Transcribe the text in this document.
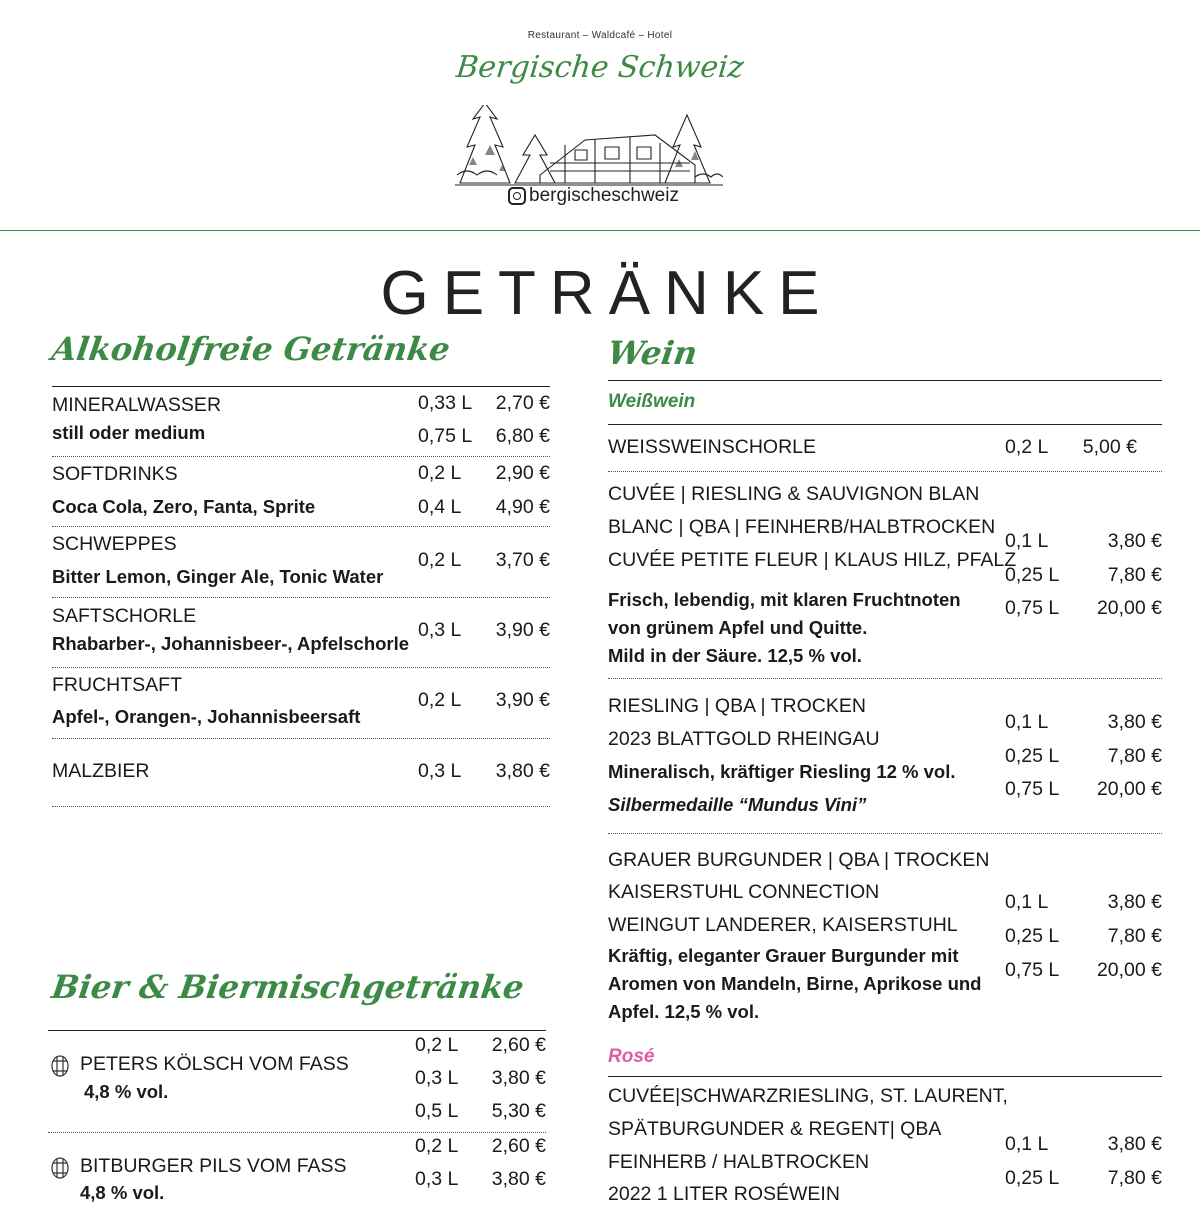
Restaurant – Waldcafé – Hotel
Bergische Schweiz
bergischeschweiz
GETRÄNKE
Alkoholfreie Getränke
MINERALWASSER
still oder medium
0,33 L	2,70 €
0,75 L	6,80 €
SOFTDRINKS
Coca Cola, Zero, Fanta, Sprite
0,2 L	2,90 €
0,4 L	4,90 €
SCHWEPPES
Bitter Lemon, Ginger Ale, Tonic Water
0,2 L	3,70 €
SAFTSCHORLE
Rhabarber-, Johannisbeer-, Apfelschorle
0,3 L	3,90 €
FRUCHTSAFT
Apfel-, Orangen-, Johannisbeersaft
0,2 L	3,90 €
MALZBIER	0,3 L	3,80 €
Bier & Biermischgetränke
PETERS KÖLSCH VOM FASS
4,8 % vol.
0,2 L	2,60 €
0,3 L	3,80 €
0,5 L	5,30 €
BITBURGER PILS VOM FASS
4,8 % vol.
0,2 L	2,60 €
0,3 L	3,80 €
Wein
Weißwein
WEISSWEINSCHORLE	0,2 L	5,00 €
CUVÉE | RIESLING & SAUVIGNON BLAN
BLANC | QBA | FEINHERB/HALBTROCKEN
CUVÉE PETITE FLEUR | KLAUS HILZ, PFALZ
Frisch, lebendig, mit klaren Fruchtnoten
von grünem Apfel und Quitte.
Mild in der Säure. 12,5 % vol.
0,1 L	3,80 €
0,25 L	7,80 €
0,75 L	20,00 €
RIESLING | QBA | TROCKEN
2023 BLATTGOLD RHEINGAU
Mineralisch, kräftiger Riesling 12 % vol.
Silbermedaille “Mundus Vini”
0,1 L	3,80 €
0,25 L	7,80 €
0,75 L	20,00 €
GRAUER BURGUNDER | QBA | TROCKEN
KAISERSTUHL CONNECTION
WEINGUT LANDERER, KAISERSTUHL
Kräftig, eleganter Grauer Burgunder mit
Aromen von Mandeln, Birne, Aprikose und
Apfel. 12,5 % vol.
0,1 L	3,80 €
0,25 L	7,80 €
0,75 L	20,00 €
Rosé
CUVÉE|SCHWARZRIESLING, ST. LAURENT,
SPÄTBURGUNDER & REGENT| QBA
FEINHERB / HALBTROCKEN
2022 1 LITER ROSÉWEIN
0,1 L	3,80 €
0,25 L	7,80 €
